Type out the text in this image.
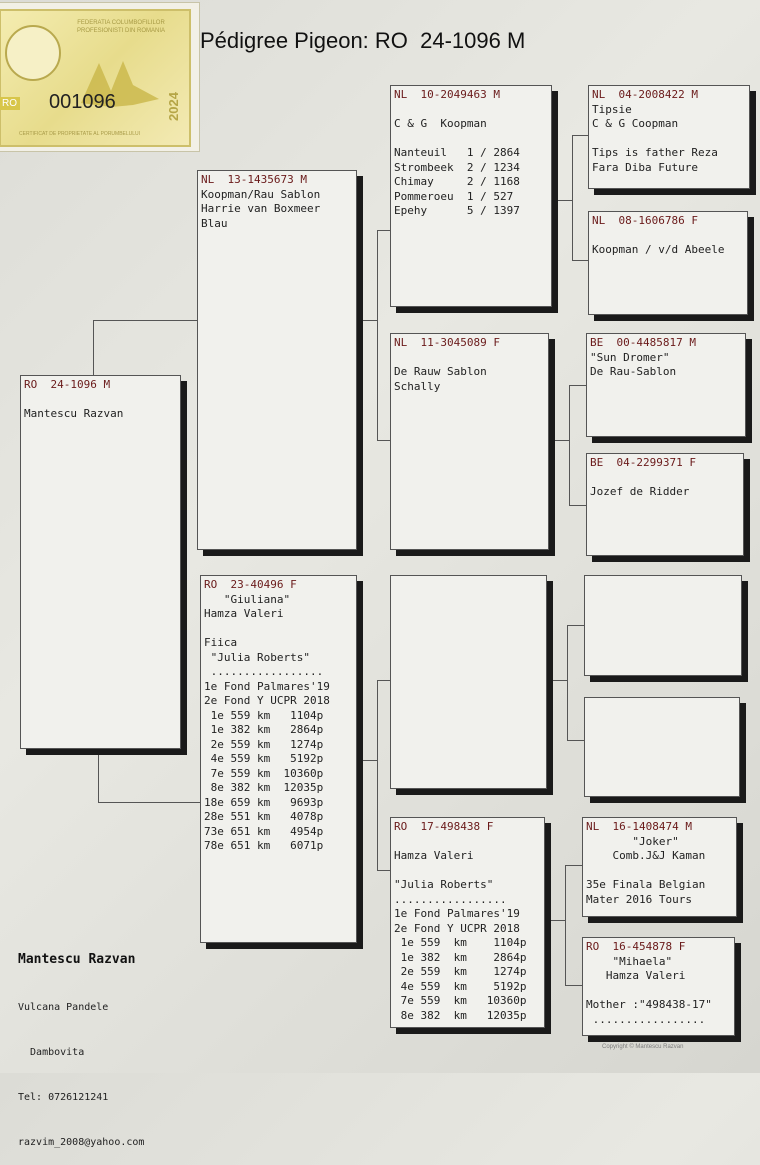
Pédigree Pigeon: RO  24-1096 M
FEDERATIA COLUMBOFILILOR
PROFESIONISTI DIN ROMANIA
RO 001096	2024
CERTIFICAT DE PROPRIETATE AL PORUMBELULUI
RO  24-1096 M

Mantescu Razvan
NL  13-1435673 M
Koopman/Rau Sablon
Harrie van Boxmeer
Blau
RO  23-40496 F
"Giuliana"
Hamza Valeri

Fiica
"Julia Roberts"
.................
1e Fond Palmares'19
2e Fond Y UCPR 2018
1e 559 km   1104p
1e 382 km   2864p
2e 559 km   1274p
4e 559 km   5192p
7e 559 km  10360p
8e 382 km  12035p
18e 659 km   9693p
28e 551 km   4078p
73e 651 km   4954p
78e 651 km   6071p
NL  10-2049463 M

C & G  Koopman

Nanteuil   1 / 2864
Strombeek  2 / 1234
Chimay     2 / 1168
Pommeroeu  1 / 527
Epehy      5 / 1397
NL  11-3045089 F

De Rauw Sablon
Schally
RO  17-498438 F

Hamza Valeri

"Julia Roberts"
.................
1e Fond Palmares'19
2e Fond Y UCPR 2018
1e 559  km    1104p
1e 382  km    2864p
2e 559  km    1274p
4e 559  km    5192p
7e 559  km   10360p
8e 382  km   12035p
NL  04-2008422 M
Tipsie
C & G Coopman

Tips is father Reza
Fara Diba Future
NL  08-1606786 F

Koopman / v/d Abeele
BE  00-4485817 M
"Sun Dromer"
De Rau-Sablon
BE  04-2299371 F

Jozef de Ridder
NL  16-1408474 M
"Joker"
Comb.J&J Kaman

35e Finala Belgian
Mater 2016 Tours
RO  16-454878 F
"Mihaela"
Hamza Valeri

Mother :"498438-17"
.................
Mantescu Razvan

Vulcana Pandele

Dambovita

Tel: 0726121241

razvim_2008@yahoo.com

Copyright © Mantescu Razvan
